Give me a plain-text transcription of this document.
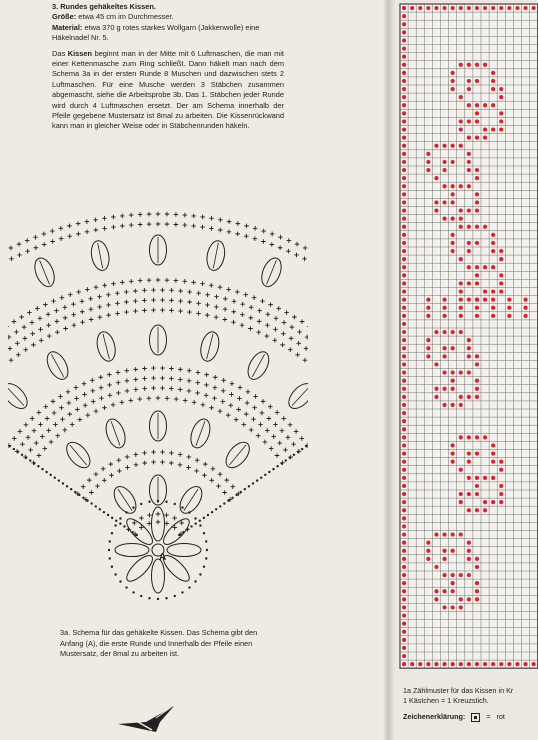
3. Rundes gehäkeltes Kissen.

Größe: etwa 45 cm im Durchmesser.

Material: etwa 370 g rotes starkes Wollgarn (Jakkenwolle) eine Häkelnadel Nr. 5.

Das Kissen beginnt man in der Mitte mit 6 Luftmaschen, die man mit einer Kettenmasche zum Ring schließt. Dann häkelt man nach dem Schema 3a in der ersten Runde 8 Muschen und dazwischen stets 2 Luftmaschen. Für eine Musche werden 3 Stäbchen zusammen abgemascht, siehe die Arbeitsprobe 3b. Das 1. Stäbchen jeder Runde wird durch 4 Luftmaschen ersetzt. Der am Schema innerhalb der Pfeile gegebene Mustersatz ist 8mal zu arbeiten. Die Kissenrückwand kann man in gleicher Weise oder in Stäbchenrunden häkeln.

A
3a. Schema für das gehäkelte Kissen. Das Schema gibt den Anfang (A), die erste Runde und Innerhalb der Pfeile einen Mustersatz, der 8mal zu arbeiten ist.
1a Zählmuster für das Kissen in Kr
1 Kästchen = 1 Kreuzstich.
Zeichenerklärung:	= rot
